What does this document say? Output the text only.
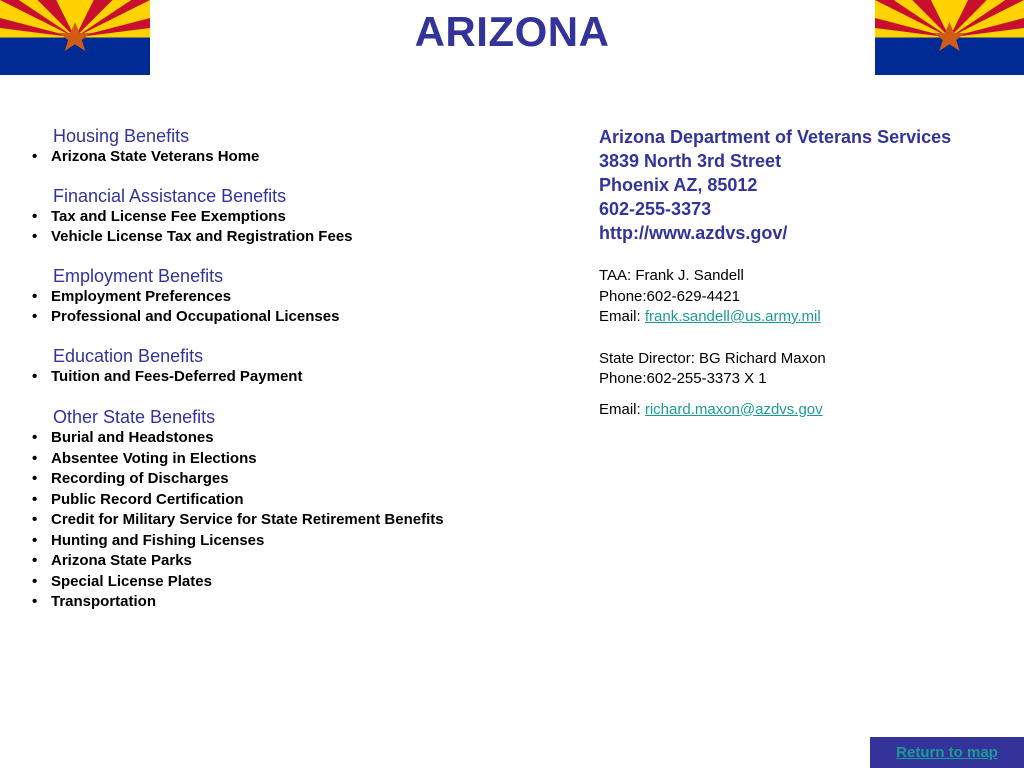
ARIZONA
Housing Benefits
• Arizona State Veterans Home
Financial Assistance Benefits
• Tax and License Fee Exemptions
• Vehicle License Tax and Registration Fees
Employment Benefits
• Employment Preferences
• Professional and Occupational Licenses
Education Benefits
• Tuition and Fees-Deferred Payment
Other State Benefits
• Burial and Headstones
• Absentee Voting in Elections
• Recording of Discharges
• Public Record Certification
• Credit for Military Service for State Retirement Benefits
• Hunting and Fishing Licenses
• Arizona State Parks
• Special License Plates
• Transportation
Arizona Department of Veterans Services
3839 North 3rd Street
Phoenix AZ, 85012
602-255-3373
http://www.azdvs.gov/
TAA: Frank J. Sandell
Phone:602-629-4421
Email: frank.sandell@us.army.mil
State Director: BG Richard Maxon
Phone:602-255-3373 X 1
Email: richard.maxon@azdvs.gov
Return to map
